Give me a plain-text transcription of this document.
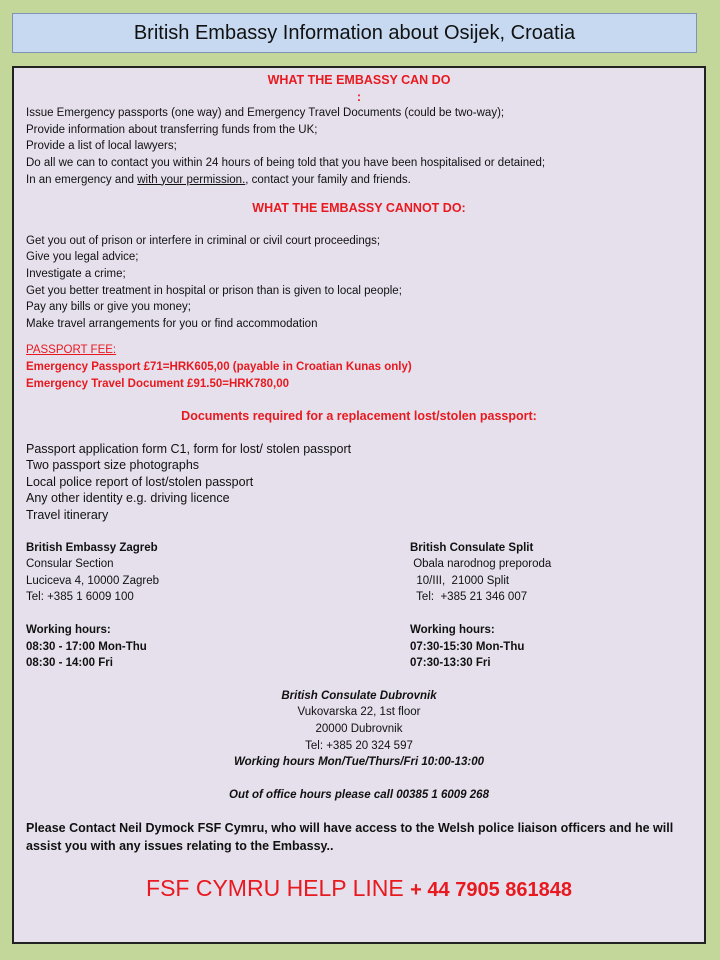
British Embassy Information about Osijek, Croatia
WHAT THE EMBASSY CAN DO
:
Issue Emergency passports (one way) and Emergency Travel Documents (could be two-way);
Provide information about transferring funds from the UK;
Provide a list of local lawyers;
Do all we can to contact you within 24 hours of being told that you have been hospitalised or detained;
In an emergency and with your permission., contact your family and friends.
WHAT THE EMBASSY CANNOT DO:
Get you out of prison or interfere in criminal or civil court proceedings;
Give you legal advice;
Investigate a crime;
Get you better treatment in hospital or prison than is given to local people;
Pay any bills or give you money;
Make travel arrangements for you or find accommodation
PASSPORT FEE:
Emergency Passport £71=HRK605,00 (payable in Croatian Kunas only)
Emergency Travel Document £91.50=HRK780,00
Documents required for a replacement lost/stolen passport:
Passport application form C1, form for lost/ stolen passport
Two passport size photographs
Local police report of lost/stolen passport
Any other identity e.g. driving licence
Travel itinerary
British Embassy Zagreb
Consular Section
Luciceva 4, 10000 Zagreb
Tel: +385 1 6009 100
Working hours:
08:30 - 17:00 Mon-Thu
08:30 - 14:00 Fri
British Consulate Split
Obala narodnog preporoda
10/III,  21000 Split
Tel:  +385 21 346 007
Working hours:
07:30-15:30 Mon-Thu
07:30-13:30 Fri
British Consulate Dubrovnik
Vukovarska 22, 1st floor
20000 Dubrovnik
Tel: +385 20 324 597
Working hours Mon/Tue/Thurs/Fri 10:00-13:00
Out of office hours please call 00385 1 6009 268
Please Contact Neil Dymock FSF Cymru, who will have access to the Welsh police liaison officers and he will assist you with any issues relating to the Embassy..
FSF CYMRU HELP LINE + 44 7905 861848
